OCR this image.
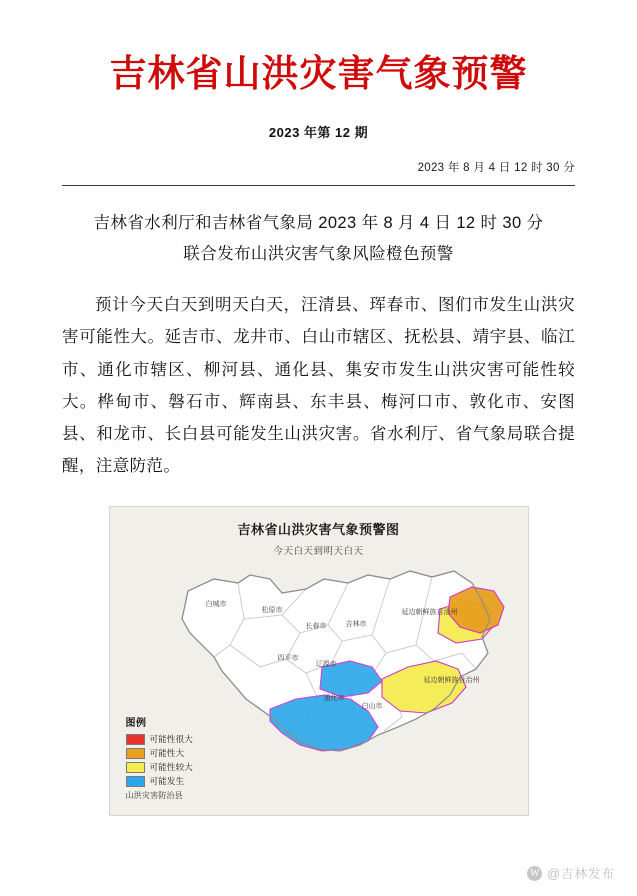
吉林省山洪灾害气象预警
2023 年第 12 期
2023 年 8 月 4 日 12 时 30 分
吉林省水利厅和吉林省气象局 2023 年 8 月 4 日 12 时 30 分
联合发布山洪灾害气象风险橙色预警

预计今天白天到明天白天，汪清县、珲春市、图们市发生山洪灾害可能性大。延吉市、龙井市、白山市辖区、抚松县、靖宇县、临江市、通化市辖区、柳河县、通化县、集安市发生山洪灾害可能性较大。桦甸市、磐石市、辉南县、东丰县、梅河口市、敦化市、安图县、和龙市、长白县可能发生山洪灾害。省水利厅、省气象局联合提醒，注意防范。

吉林省山洪灾害气象预警图
今天白天到明天白天
白城市
松原市
长春市
四平市
辽源市
吉林市
延边朝鲜族自治州
通化市
白山市
延边朝鲜族自治州
图例
可能性很大
可能性大
可能性较大
可能发生
山洪灾害防治县
W @吉林发布
